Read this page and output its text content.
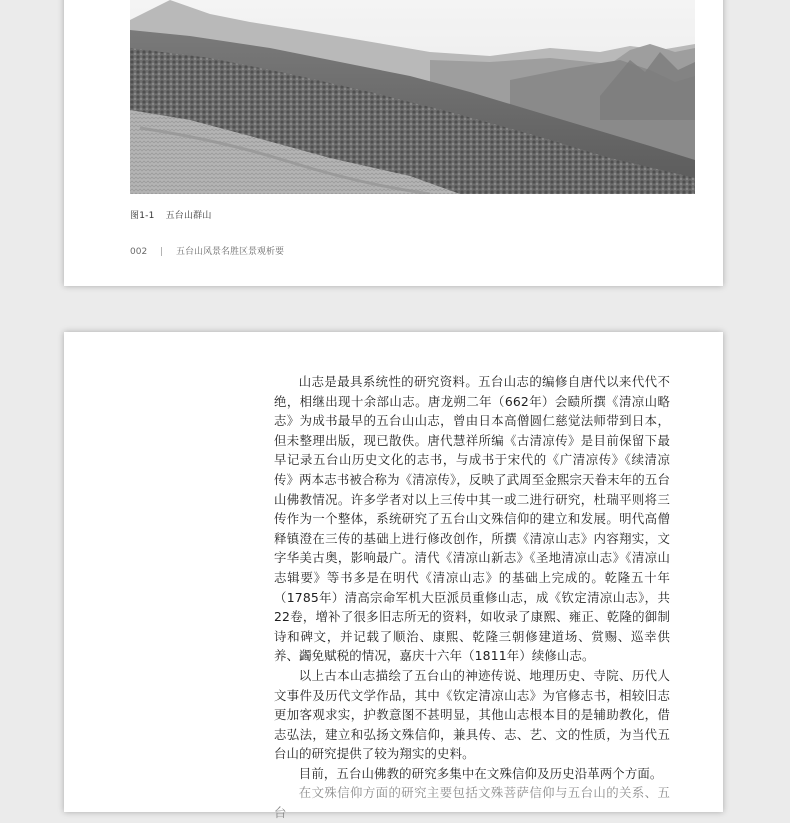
图1-1 五台山群山
002 | 五台山风景名胜区景观析要

山志是最具系统性的研究资料。五台山志的编修自唐代以来代代不绝，相继出现十余部山志。唐龙朔二年（662年）会赜所撰《清凉山略志》为成书最早的五台山山志，曾由日本高僧圆仁慈觉法师带到日本，但未整理出版，现已散佚。唐代慧祥所编《古清凉传》是目前保留下最早记录五台山历史文化的志书，与成书于宋代的《广清凉传》《续清凉传》两本志书被合称为《清凉传》，反映了武周至金熙宗天眷末年的五台山佛教情况。许多学者对以上三传中其一或二进行研究，杜瑞平则将三传作为一个整体，系统研究了五台山文殊信仰的建立和发展。明代高僧释镇澄在三传的基础上进行修改创作，所撰《清凉山志》内容翔实，文字华美古奥，影响最广。清代《清凉山新志》《圣地清凉山志》《清凉山志辑要》等书多是在明代《清凉山志》的基础上完成的。乾隆五十年（1785年）清高宗命军机大臣派员重修山志，成《钦定清凉山志》，共22卷，增补了很多旧志所无的资料，如收录了康熙、雍正、乾隆的御制诗和碑文，并记载了顺治、康熙、乾隆三朝修建道场、赏赐、巡幸供养、蠲免赋税的情况，嘉庆十六年（1811年）续修山志。

以上古本山志描绘了五台山的神迹传说、地理历史、寺院、历代人文事件及历代文学作品，其中《钦定清凉山志》为官修志书，相较旧志更加客观求实，护教意图不甚明显，其他山志根本目的是辅助教化，借志弘法，建立和弘扬文殊信仰，兼具传、志、艺、文的性质，为当代五台山的研究提供了较为翔实的史料。

目前，五台山佛教的研究多集中在文殊信仰及历史沿革两个方面。

在文殊信仰方面的研究主要包括文殊菩萨信仰与五台山的关系、五台
